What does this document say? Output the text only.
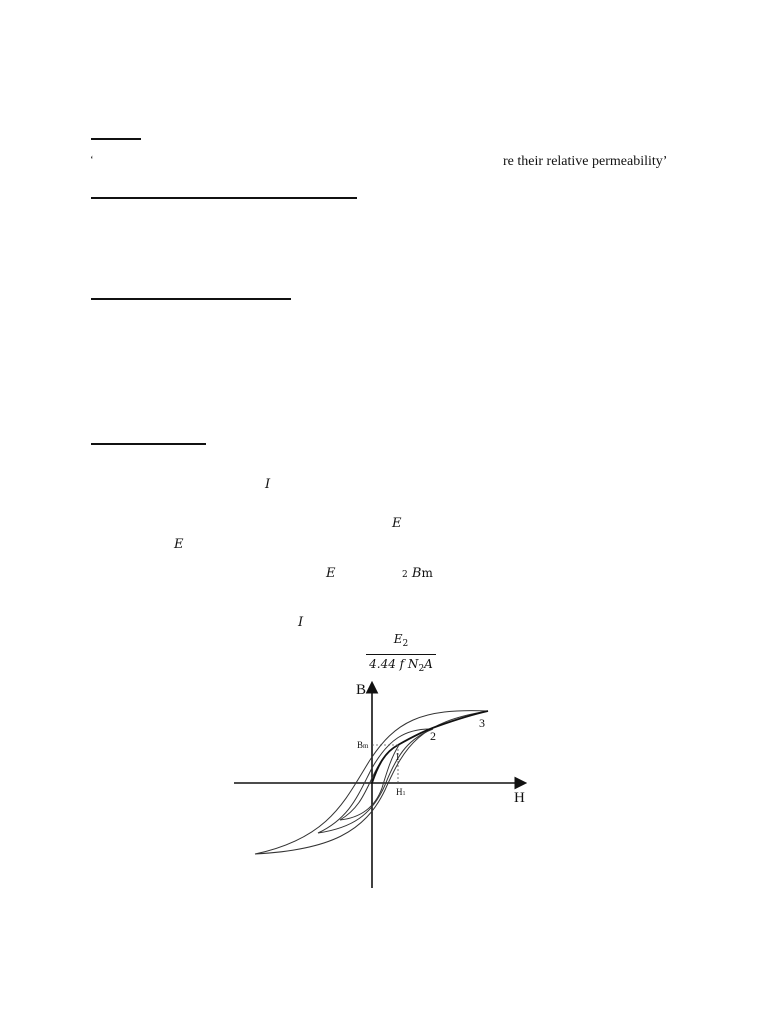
‘	re their relative permeability’
I
E
E
E	2 Bm
I
$E_2$
4.44 f $N_2A$
B
H
3
2
1
Bm
H1
